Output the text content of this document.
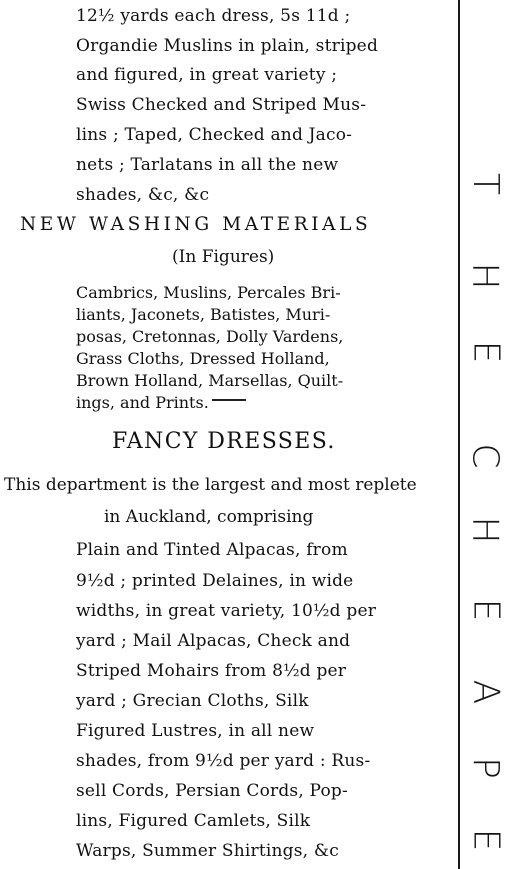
12½ yards each dress, 5s 11d ;
Organdie Muslins in plain, striped
and figured, in great variety ;
Swiss Checked and Striped Mus-
lins ; Taped, Checked and Jaco-
nets ; Tarlatans in all the new
shades, &c, &c
NEW WASHING MATERIALS
(In Figures)
Cambrics, Muslins, Percales Bri-
liants, Jaconets, Batistes, Muri-
posas, Cretonnas, Dolly Vardens,
Grass Cloths, Dressed Holland,
Brown Holland, Marsellas, Quilt-
ings, and Prints.
FANCY DRESSES.
This department is the largest and most replete
in Auckland, comprising
Plain and Tinted Alpacas, from
9½d ; printed Delaines, in wide
widths, in great variety, 10½d per
yard ; Mail Alpacas, Check and
Striped Mohairs from 8½d per
yard ; Grecian Cloths, Silk
Figured Lustres, in all new
shades, from 9½d per yard : Rus-
sell Cords, Persian Cords, Pop-
lins, Figured Camlets, Silk
Warps, Summer Shirtings, &c
T
H
E
C
H
E
A
P
E
